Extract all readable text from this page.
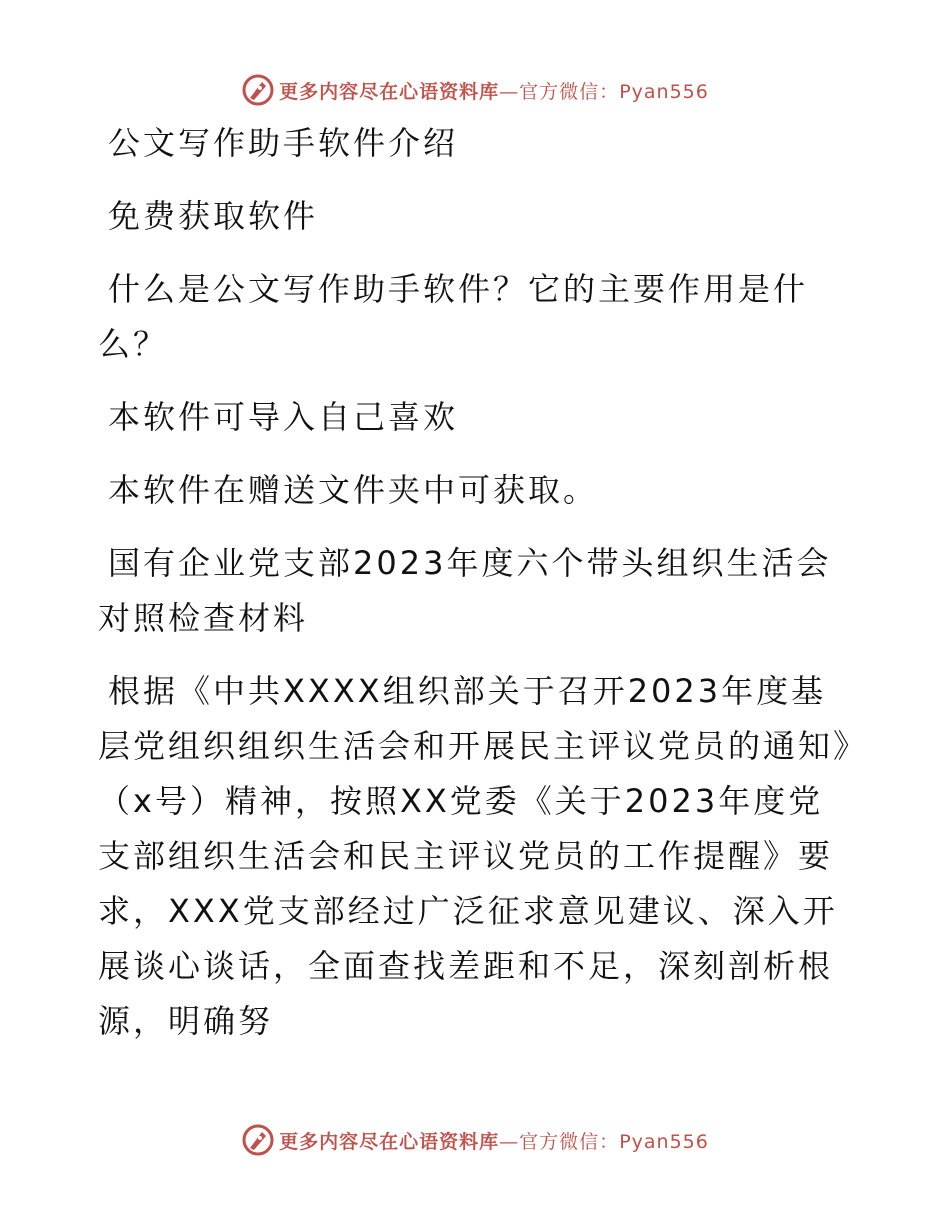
更多内容尽在心语资料库—官方微信：Pyan556

公文写作助手软件介绍

免费获取软件

什么是公文写作助手软件？它的主要作用是什么？

本软件可导入自己喜欢

本软件在赠送文件夹中可获取。

国有企业党支部2023年度六个带头组织生活会对照检查材料

根据《中共XXXX组织部关于召开2023年度基层党组织组织生活会和开展民主评议党员的通知》（x号）精神，按照XX党委《关于2023年度党支部组织生活会和民主评议党员的工作提醒》要求，XXX党支部经过广泛征求意见建议、深入开展谈心谈话，全面查找差距和不足，深刻剖析根源，明确努

更多内容尽在心语资料库—官方微信：Pyan556
